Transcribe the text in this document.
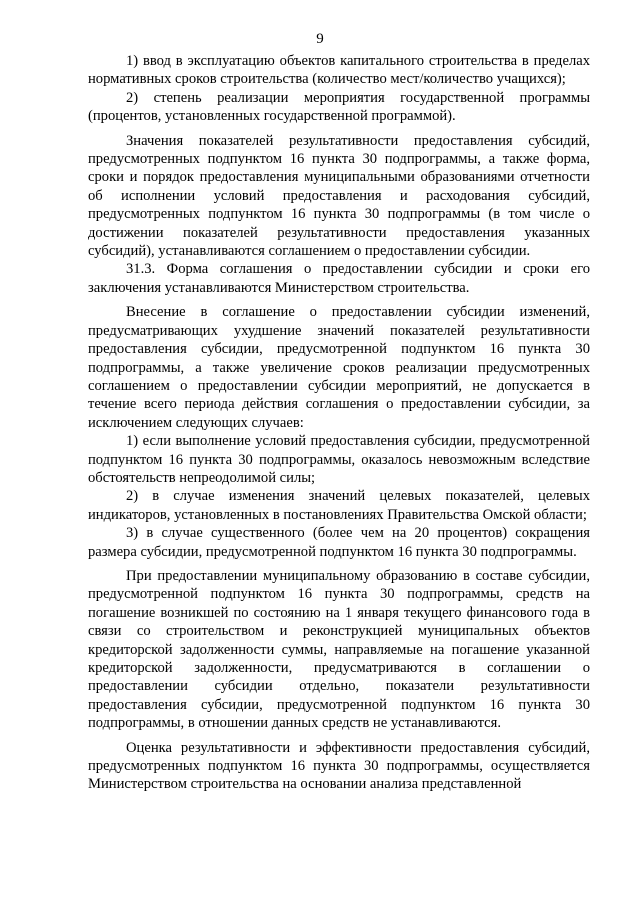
9

1) ввод в эксплуатацию объектов капитального строительства в пределах нормативных сроков строительства (количество мест/количество учащихся);

2) степень реализации мероприятия государственной программы (процентов, установленных государственной программой).

Значения показателей результативности предоставления субсидий, предусмотренных подпунктом 16 пункта 30 подпрограммы, а также форма, сроки и порядок предоставления муниципальными образованиями отчетности об исполнении условий предоставления и расходования субсидий, предусмотренных подпунктом 16 пункта 30 подпрограммы (в том числе о достижении показателей результативности предоставления указанных субсидий), устанавливаются соглашением о предоставлении субсидии.

31.3. Форма соглашения о предоставлении субсидии и сроки его заключения устанавливаются Министерством строительства.

Внесение в соглашение о предоставлении субсидии изменений, предусматривающих ухудшение значений показателей результативности предоставления субсидии, предусмотренной подпунктом 16 пункта 30 подпрограммы, а также увеличение сроков реализации предусмотренных соглашением о предоставлении субсидии мероприятий, не допускается в течение всего периода действия соглашения о предоставлении субсидии, за исключением следующих случаев:

1) если выполнение условий предоставления субсидии, предусмотренной подпунктом 16 пункта 30 подпрограммы, оказалось невозможным вследствие обстоятельств непреодолимой силы;

2) в случае изменения значений целевых показателей, целевых индикаторов, установленных в постановлениях Правительства Омской области;

3) в случае существенного (более чем на 20 процентов) сокращения размера субсидии, предусмотренной подпунктом 16 пункта 30 подпрограммы.

При предоставлении муниципальному образованию в составе субсидии, предусмотренной подпунктом 16 пункта 30 подпрограммы, средств на погашение возникшей по состоянию на 1 января текущего финансового года в связи со строительством и реконструкцией муниципальных объектов кредиторской задолженности суммы, направляемые на погашение указанной кредиторской задолженности, предусматриваются в соглашении о предоставлении субсидии отдельно, показатели результативности предоставления субсидии, предусмотренной подпунктом 16 пункта 30 подпрограммы, в отношении данных средств не устанавливаются.

Оценка результативности и эффективности предоставления субсидий, предусмотренных подпунктом 16 пункта 30 подпрограммы, осуществляется Министерством строительства на основании анализа представленной
